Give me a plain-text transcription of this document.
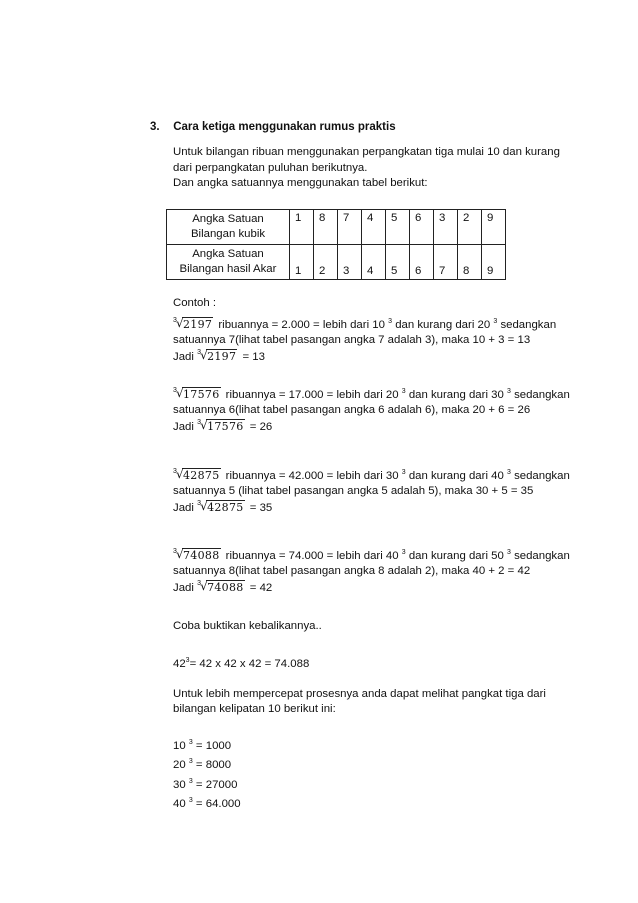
3. Cara ketiga menggunakan rumus praktis
Untuk bilangan ribuan menggunakan perpangkatan tiga mulai 10 dan kurang

dari perpangkatan puluhan berikutnya.

Dan angka satuannya menggunakan tabel berikut:

Angka Satuan Bilangan kubik	1	8	7	4	5	6	3	2	9
Angka Satuan Bilangan hasil Akar	1	2	3	4	5	6	7	8	9
Contoh :
3
√ 2197 ribuannya = 2.000 = lebih dari 10 $^3$ dan kurang dari 20 $^3$ sedangkan
satuannya 7(lihat tabel pasangan angka 7 adalah 3), maka 10 + 3 = 13
Jadi 3
√ 2197 = 13
3
√ 17576 ribuannya = 17.000 = lebih dari 20 $^3$ dan kurang dari 30 $^3$ sedangkan
satuannya 6(lihat tabel pasangan angka 6 adalah 6), maka 20 + 6 = 26
Jadi 3
√ 17576 = 26
3
√ 42875 ribuannya = 42.000 = lebih dari 30 $^3$ dan kurang dari 40 $^3$ sedangkan
satuannya 5 (lihat tabel pasangan angka 5 adalah 5), maka 30 + 5 = 35
Jadi 3
√ 42875 = 35
3
√ 74088 ribuannya = 74.000 = lebih dari 40 $^3$ dan kurang dari 50 $^3$ sedangkan
satuannya 8(lihat tabel pasangan angka 8 adalah 2), maka 40 + 2 = 42
Jadi 3
√ 74088 = 42
Coba buktikan kebalikannya..
$42^3= 42$ x 42 x 42 = 74.088
Untuk lebih mempercepat prosesnya anda dapat melihat pangkat tiga dari
bilangan kelipatan 10 berikut ini:
10 $^3$ = 1000
20 $^3$ = 8000
30 $^3$ = 27000
40 $^3$ = 64.000
